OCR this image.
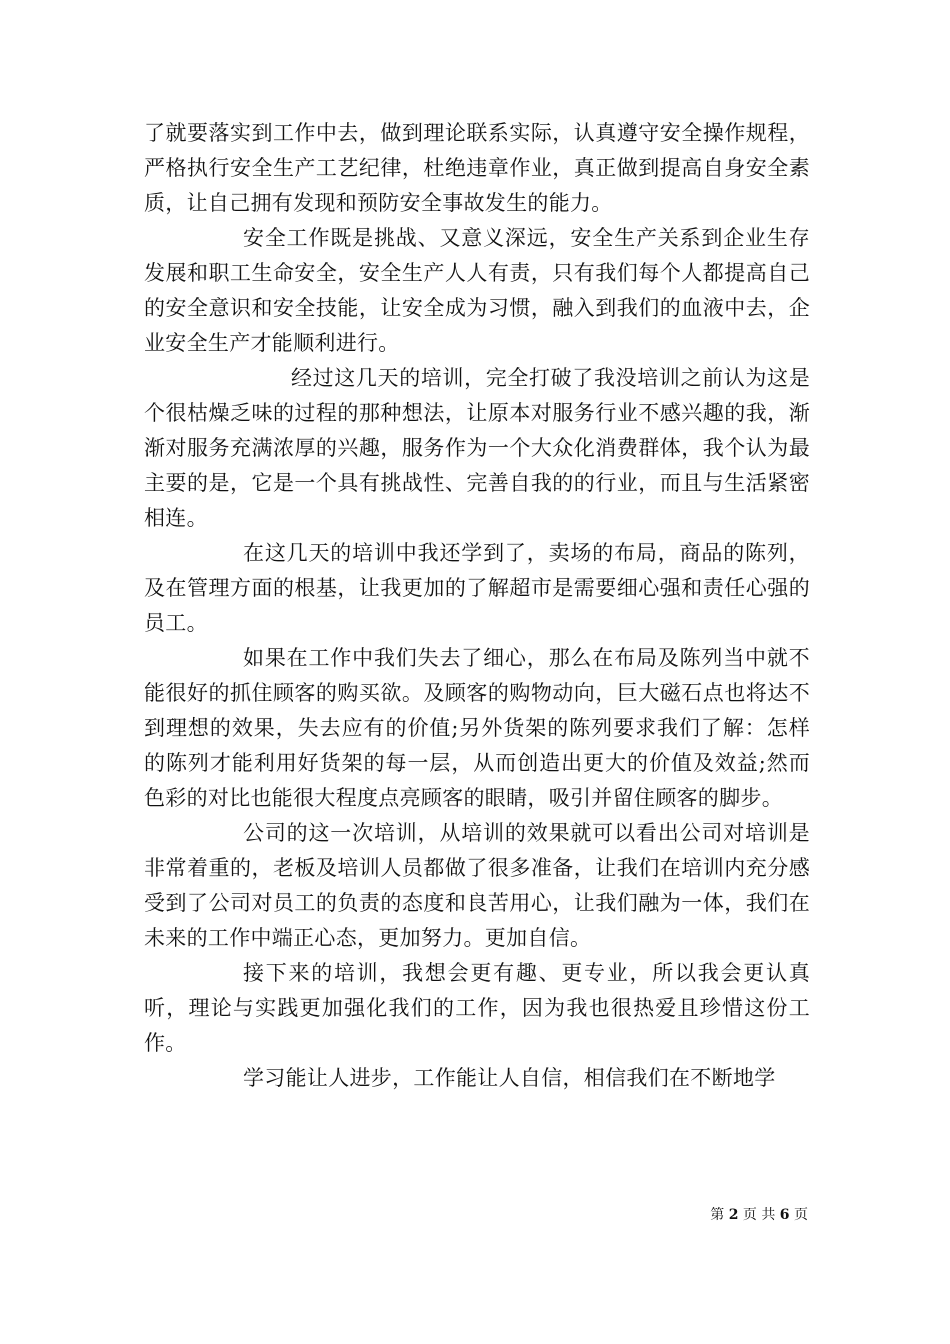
了就要落实到工作中去，做到理论联系实际，认真遵守安全操作规程，严格执行安全生产工艺纪律，杜绝违章作业，真正做到提高自身安全素质，让自己拥有发现和预防安全事故发生的能力。

安全工作既是挑战、又意义深远，安全生产关系到企业生存发展和职工生命安全，安全生产人人有责，只有我们每个人都提高自己的安全意识和安全技能，让安全成为习惯，融入到我们的血液中去，企业安全生产才能顺利进行。

经过这几天的培训，完全打破了我没培训之前认为这是个很枯燥乏味的过程的那种想法，让原本对服务行业不感兴趣的我，渐渐对服务充满浓厚的兴趣，服务作为一个大众化消费群体，我个认为最主要的是，它是一个具有挑战性、完善自我的的行业，而且与生活紧密相连。

在这几天的培训中我还学到了，卖场的布局，商品的陈列，及在管理方面的根基，让我更加的了解超市是需要细心强和责任心强的员工。

如果在工作中我们失去了细心，那么在布局及陈列当中就不能很好的抓住顾客的购买欲。及顾客的购物动向，巨大磁石点也将达不到理想的效果，失去应有的价值;另外货架的陈列要求我们了解：怎样的陈列才能利用好货架的每一层，从而创造出更大的价值及效益;然而色彩的对比也能很大程度点亮顾客的眼睛，吸引并留住顾客的脚步。

公司的这一次培训，从培训的效果就可以看出公司对培训是非常着重的，老板及培训人员都做了很多准备，让我们在培训内充分感受到了公司对员工的负责的态度和良苦用心，让我们融为一体，我们在未来的工作中端正心态，更加努力。更加自信。

接下来的培训，我想会更有趣、更专业，所以我会更认真听，理论与实践更加强化我们的工作，因为我也很热爱且珍惜这份工作。

学习能让人进步，工作能让人自信，相信我们在不断地学

第 2 页 共 6 页
